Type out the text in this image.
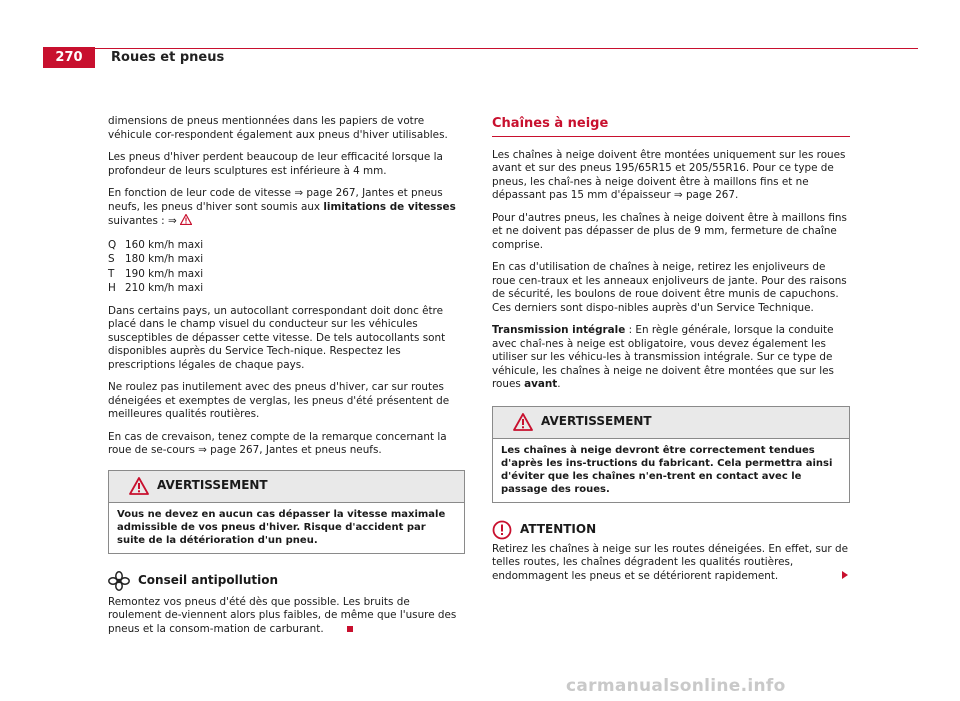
270	Roues et pneus

dimensions de pneus mentionnées dans les papiers de votre véhicule cor-respondent également aux pneus d'hiver utilisables.

Les pneus d'hiver perdent beaucoup de leur efficacité lorsque la profondeur de leurs sculptures est inférieure à 4 mm.

En fonction de leur code de vitesse ⇒ page 267, Jantes et pneus neufs, les pneus d'hiver sont soumis aux limitations de vitesses suivantes : ⇒

Q 160 km/h maxi
S 180 km/h maxi
T	190 km/h maxi
H 210 km/h maxi

Dans certains pays, un autocollant correspondant doit donc être placé dans le champ visuel du conducteur sur les véhicules susceptibles de dépasser cette vitesse. De tels autocollants sont disponibles auprès du Service Tech-nique. Respectez les prescriptions légales de chaque pays.

Ne roulez pas inutilement avec des pneus d'hiver, car sur routes déneigées et exemptes de verglas, les pneus d'été présentent de meilleures qualités routières.

En cas de crevaison, tenez compte de la remarque concernant la roue de se-cours ⇒ page 267, Jantes et pneus neufs.

AVERTISSEMENT
Vous ne devez en aucun cas dépasser la vitesse maximale admissible de vos pneus d'hiver. Risque d'accident par suite de la détérioration d'un pneu.
Conseil antipollution

Remontez vos pneus d'été dès que possible. Les bruits de roulement de-viennent alors plus faibles, de même que l'usure des pneus et la consom-mation de carburant.

Chaînes à neige

Les chaînes à neige doivent être montées uniquement sur les roues avant et sur des pneus 195/65R15 et 205/55R16. Pour ce type de pneus, les chaî-nes à neige doivent être à maillons fins et ne dépassant pas 15 mm d'épaisseur ⇒ page 267.

Pour d'autres pneus, les chaînes à neige doivent être à maillons fins et ne doivent pas dépasser de plus de 9 mm, fermeture de chaîne comprise.

En cas d'utilisation de chaînes à neige, retirez les enjoliveurs de roue cen-traux et les anneaux enjoliveurs de jante. Pour des raisons de sécurité, les boulons de roue doivent être munis de capuchons. Ces derniers sont dispo-nibles auprès d'un Service Technique.

Transmission intégrale : En règle générale, lorsque la conduite avec chaî-nes à neige est obligatoire, vous devez également les utiliser sur les véhicu-les à transmission intégrale. Sur ce type de véhicule, les chaînes à neige ne doivent être montées que sur les roues avant.

AVERTISSEMENT
Les chaînes à neige devront être correctement tendues d'après les ins-tructions du fabricant. Cela permettra ainsi d'éviter que les chaînes n'en-trent en contact avec le passage des roues.
ATTENTION

Retirez les chaînes à neige sur les routes déneigées. En effet, sur de telles routes, les chaînes dégradent les qualités routières, endommagent les pneus et se détériorent rapidement.

carmanualsonline.info
